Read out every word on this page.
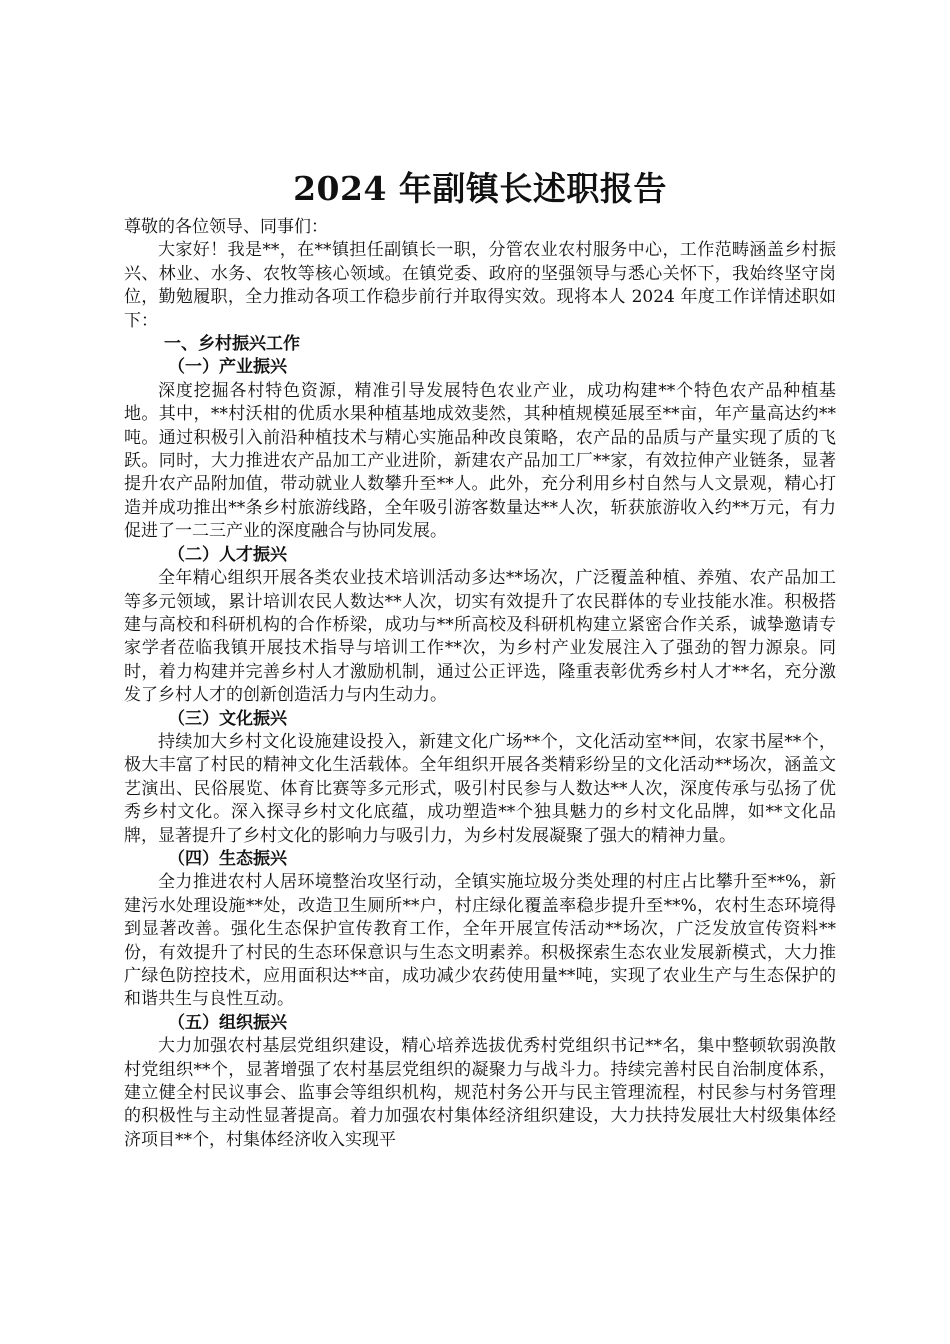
2024 年副镇长述职报告

尊敬的各位领导、同事们：

大家好！我是**，在**镇担任副镇长一职，分管农业农村服务中心，工作范畴涵盖乡村振兴、林业、水务、农牧等核心领域。在镇党委、政府的坚强领导与悉心关怀下，我始终坚守岗位，勤勉履职，全力推动各项工作稳步前行并取得实效。现将本人 2024 年度工作详情述职如下：

一、乡村振兴工作

（一）产业振兴

深度挖掘各村特色资源，精准引导发展特色农业产业，成功构建**个特色农产品种植基地。其中，**村沃柑的优质水果种植基地成效斐然，其种植规模延展至**亩，年产量高达约**吨。通过积极引入前沿种植技术与精心实施品种改良策略，农产品的品质与产量实现了质的飞跃。同时，大力推进农产品加工产业进阶，新建农产品加工厂**家，有效拉伸产业链条，显著提升农产品附加值，带动就业人数攀升至**人。此外，充分利用乡村自然与人文景观，精心打造并成功推出**条乡村旅游线路，全年吸引游客数量达**人次，斩获旅游收入约**万元，有力促进了一二三产业的深度融合与协同发展。

（二）人才振兴

全年精心组织开展各类农业技术培训活动多达**场次，广泛覆盖种植、养殖、农产品加工等多元领域，累计培训农民人数达**人次，切实有效提升了农民群体的专业技能水准。积极搭建与高校和科研机构的合作桥梁，成功与**所高校及科研机构建立紧密合作关系，诚挚邀请专家学者莅临我镇开展技术指导与培训工作**次，为乡村产业发展注入了强劲的智力源泉。同时，着力构建并完善乡村人才激励机制，通过公正评选，隆重表彰优秀乡村人才**名，充分激发了乡村人才的创新创造活力与内生动力。

（三）文化振兴

持续加大乡村文化设施建设投入，新建文化广场**个，文化活动室**间，农家书屋**个，极大丰富了村民的精神文化生活载体。全年组织开展各类精彩纷呈的文化活动**场次，涵盖文艺演出、民俗展览、体育比赛等多元形式，吸引村民参与人数达**人次，深度传承与弘扬了优秀乡村文化。深入探寻乡村文化底蕴，成功塑造**个独具魅力的乡村文化品牌，如**文化品牌，显著提升了乡村文化的影响力与吸引力，为乡村发展凝聚了强大的精神力量。

（四）生态振兴

全力推进农村人居环境整治攻坚行动，全镇实施垃圾分类处理的村庄占比攀升至**%，新建污水处理设施**处，改造卫生厕所**户，村庄绿化覆盖率稳步提升至**%，农村生态环境得到显著改善。强化生态保护宣传教育工作，全年开展宣传活动**场次，广泛发放宣传资料**份，有效提升了村民的生态环保意识与生态文明素养。积极探索生态农业发展新模式，大力推广绿色防控技术，应用面积达**亩，成功减少农药使用量**吨，实现了农业生产与生态保护的和谐共生与良性互动。

（五）组织振兴

大力加强农村基层党组织建设，精心培养选拔优秀村党组织书记**名，集中整顿软弱涣散村党组织**个，显著增强了农村基层党组织的凝聚力与战斗力。持续完善村民自治制度体系，建立健全村民议事会、监事会等组织机构，规范村务公开与民主管理流程，村民参与村务管理的积极性与主动性显著提高。着力加强农村集体经济组织建设，大力扶持发展壮大村级集体经济项目**个，村集体经济收入实现平
